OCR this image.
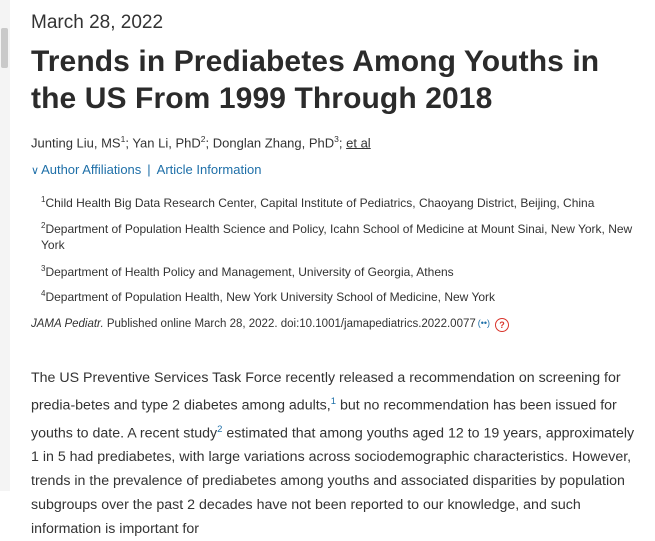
March 28, 2022
Trends in Prediabetes Among Youths in the US From 1999 Through 2018
Junting Liu, $MS^1$; Yan Li, PhD$^2$; Donglan Zhang, PhD$^3$; et al
∨ Author Affiliations | Article Information
$^1$Child Health Big Data Research Center, Capital Institute of Pediatrics, Chaoyang District, Beijing, China
$^2$Department of Population Health Science and Policy, Icahn School of Medicine at Mount Sinai, New York, New York
$^3$Department of Health Policy and Management, University of Georgia, Athens
$^4$Department of Population Health, New York University School of Medicine, New York
JAMA Pediatr. Published online March 28, 2022. doi:10.1001/jamapediatrics.2022.0077 (••) ?

The US Preventive Services Task Force recently released a recommendation on screening for predia-betes and type 2 diabetes among adults,$^1$ but no recommendation has been issued for youths to date. A recent study$^2$ estimated that among youths aged 12 to 19 years, approximately 1 in 5 had prediabetes, with large variations across sociodemographic characteristics. However, trends in the prevalence of prediabetes among youths and associated disparities by population subgroups over the past 2 decades have not been reported to our knowledge, and such information is important for
